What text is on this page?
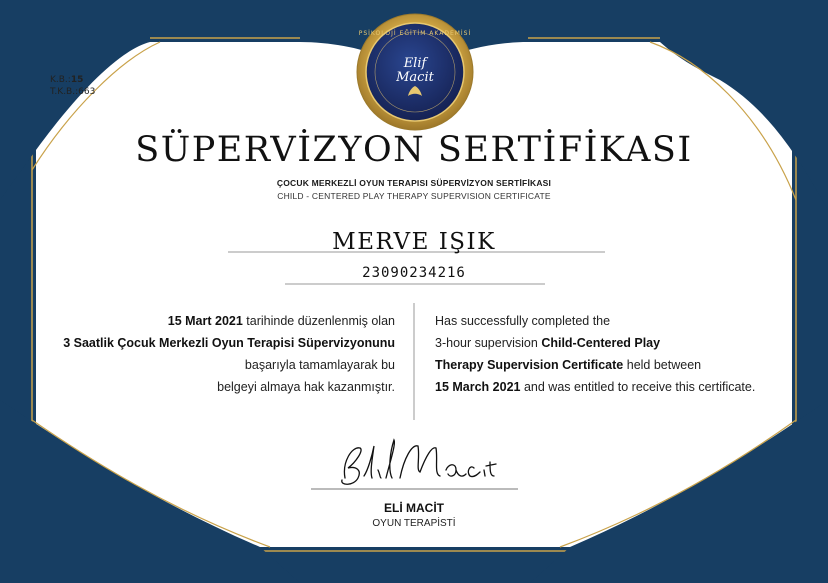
Elif
Macit
PSİKOLOJİ EĞİTİM AKADEMİSİ
K.B.:15
T.K.B.:663
SÜPERVİZYON SERTİFİKASI
ÇOCUK MERKEZLİ OYUN TERAPISI SÜPERVİZYON SERTİFİKASI
CHILD - CENTERED PLAY THERAPY SUPERVISION CERTIFICATE
MERVE IŞIK
23090234216
15 Mart 2021 tarihinde düzenlenmiş olan
3 Saatlik Çocuk Merkezli Oyun Terapisi Süpervizyonunu
başarıyla tamamlayarak bu
belgeyi almaya hak kazanmıştır.
Has successfully completed the
3-hour supervision Child-Centered Play
Therapy Supervision Certificate held between
15 March 2021 and was entitled to receive this certificate.
ELİ MACİT
OYUN TERAPİSTİ
